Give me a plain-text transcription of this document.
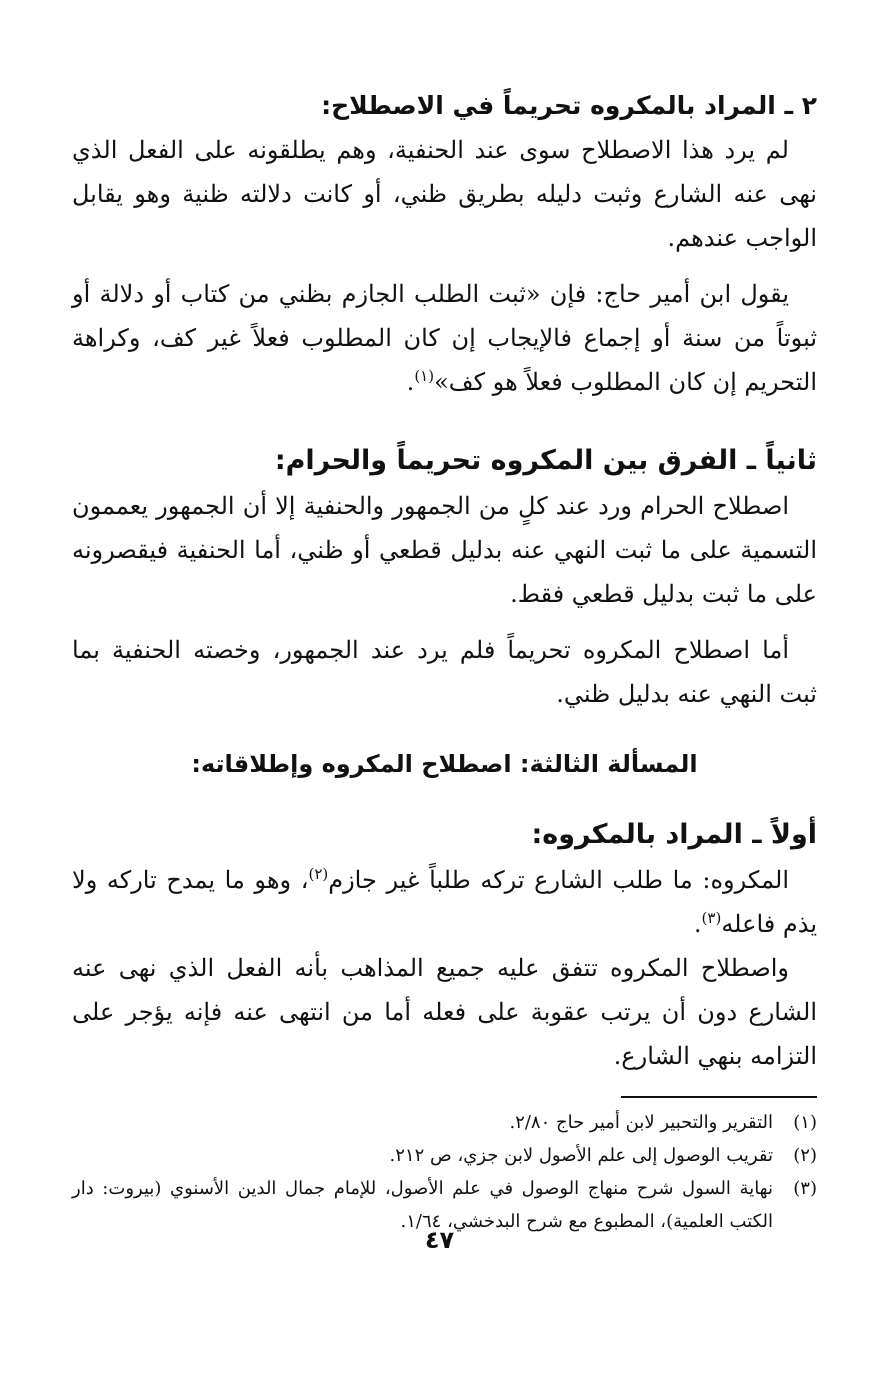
٢ ـ المراد بالمكروه تحريماً في الاصطلاح:

لم يرد هذا الاصطلاح سوى عند الحنفية، وهم يطلقونه على الفعل الذي نهى عنه الشارع وثبت دليله بطريق ظني، أو كانت دلالته ظنية وهو يقابل الواجب عندهم.

يقول ابن أمير حاج: فإن «ثبت الطلب الجازم بظني من كتاب أو دلالة أو ثبوتاً من سنة أو إجماع فالإيجاب إن كان المطلوب فعلاً غير كف، وكراهة التحريم إن كان المطلوب فعلاً هو كف»$^{(١)}$.

ثانياً ـ الفرق بين المكروه تحريماً والحرام:

اصطلاح الحرام ورد عند كلٍ من الجمهور والحنفية إلا أن الجمهور يعممون التسمية على ما ثبت النهي عنه بدليل قطعي أو ظني، أما الحنفية فيقصرونه على ما ثبت بدليل قطعي فقط.

أما اصطلاح المكروه تحريماً فلم يرد عند الجمهور، وخصته الحنفية بما ثبت النهي عنه بدليل ظني.

المسألة الثالثة: اصطلاح المكروه وإطلاقاته:
أولاً ـ المراد بالمكروه:

المكروه: ما طلب الشارع تركه طلباً غير جازم$^{(٢)}$، وهو ما يمدح تاركه ولا يذم فاعله$^{(٣)}$.

واصطلاح المكروه تتفق عليه جميع المذاهب بأنه الفعل الذي نهى عنه الشارع دون أن يرتب عقوبة على فعله أما من انتهى عنه فإنه يؤجر على التزامه بنهي الشارع.

(١)
التقرير والتحبير لابن أمير حاج ٢/٨٠.
(٢)
تقريب الوصول إلى علم الأصول لابن جزي، ص ٢١٢.
(٣)
نهاية السول شرح منهاج الوصول في علم الأصول، للإمام جمال الدين الأسنوي (بيروت: دار الكتب العلمية)، المطبوع مع شرح البدخشي، ١/٦٤.
٤٧
